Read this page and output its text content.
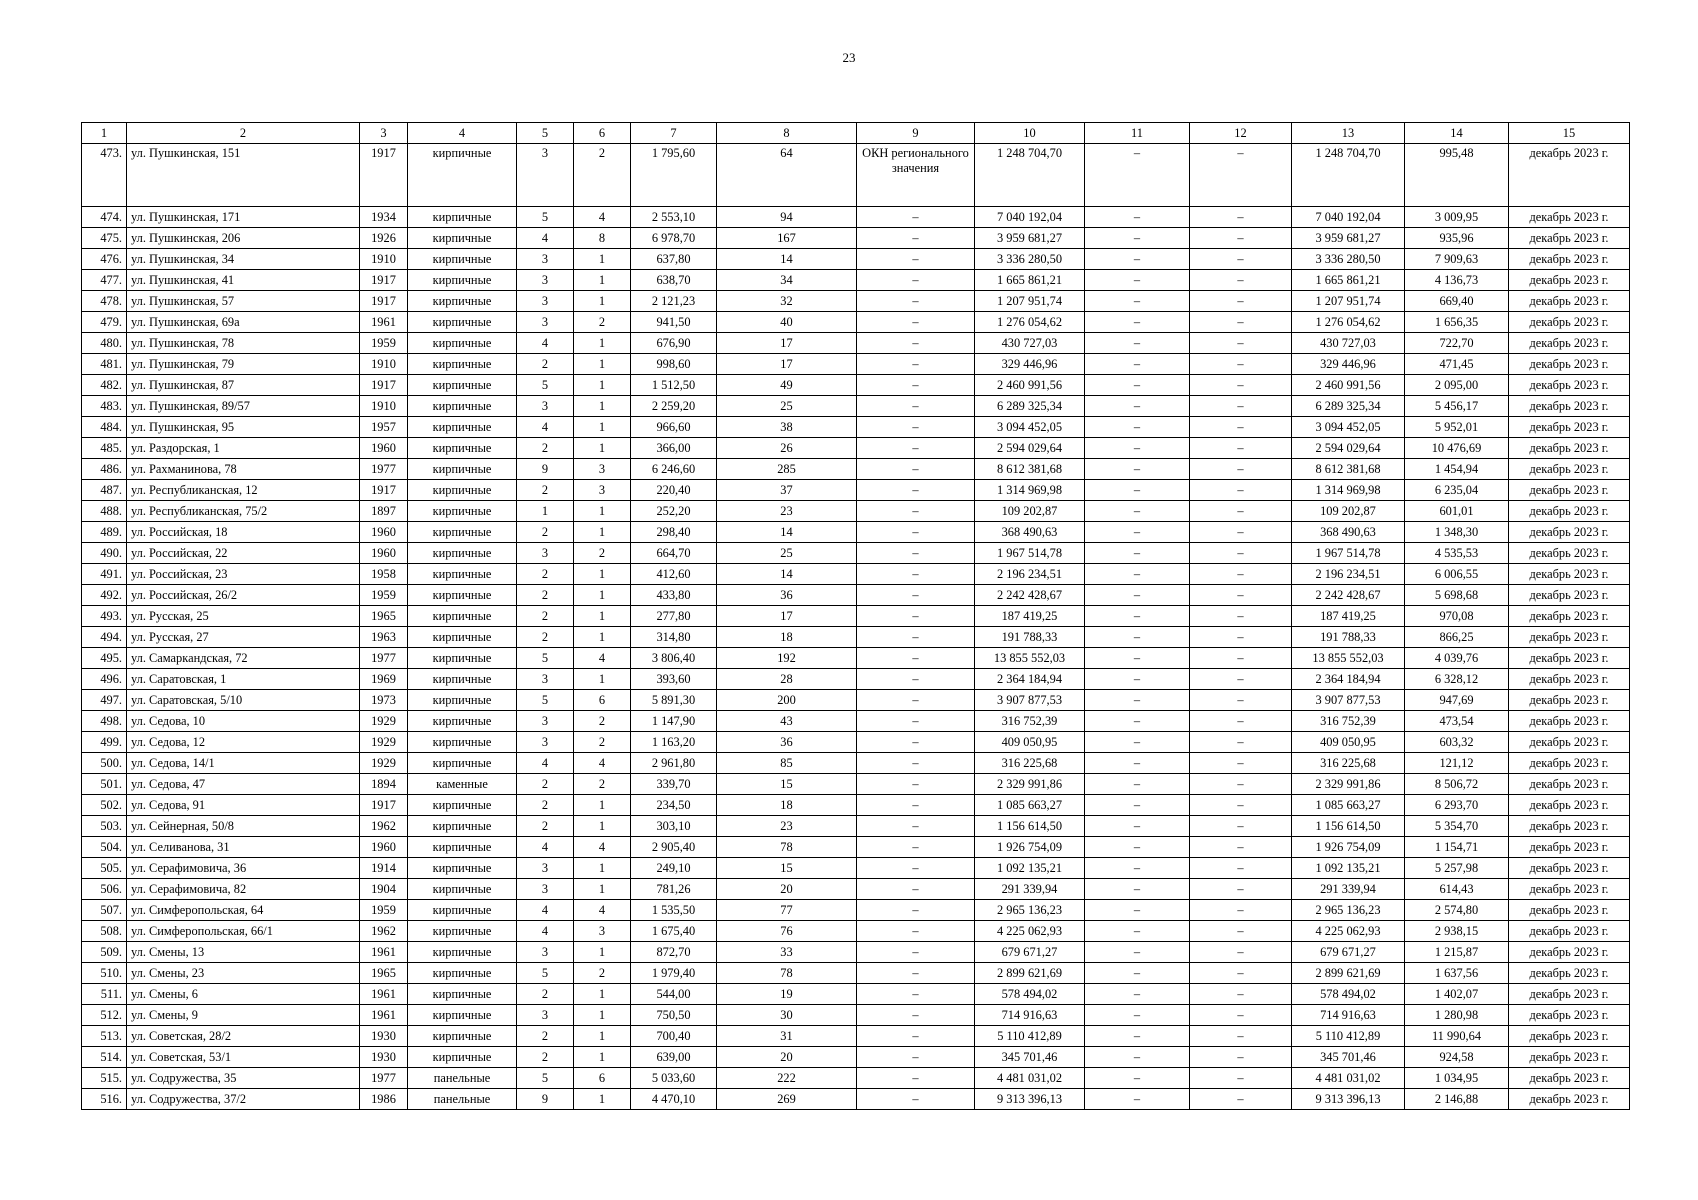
23
1	2	3	4	5	6	7	8	9	10	11	12	13	14	15
473.	ул. Пушкинская, 151	1917	кирпичные	3	2	1 795,60	64	ОКН регионального значения	1 248 704,70	–	–	1 248 704,70	995,48	декабрь 2023 г.
474.	ул. Пушкинская, 171	1934	кирпичные	5	4	2 553,10	94	–	7 040 192,04	–	–	7 040 192,04	3 009,95	декабрь 2023 г.
475.	ул. Пушкинская, 206	1926	кирпичные	4	8	6 978,70	167	–	3 959 681,27	–	–	3 959 681,27	935,96	декабрь 2023 г.
476.	ул. Пушкинская, 34	1910	кирпичные	3	1	637,80	14	–	3 336 280,50	–	–	3 336 280,50	7 909,63	декабрь 2023 г.
477.	ул. Пушкинская, 41	1917	кирпичные	3	1	638,70	34	–	1 665 861,21	–	–	1 665 861,21	4 136,73	декабрь 2023 г.
478.	ул. Пушкинская, 57	1917	кирпичные	3	1	2 121,23	32	–	1 207 951,74	–	–	1 207 951,74	669,40	декабрь 2023 г.
479.	ул. Пушкинская, 69а	1961	кирпичные	3	2	941,50	40	–	1 276 054,62	–	–	1 276 054,62	1 656,35	декабрь 2023 г.
480.	ул. Пушкинская, 78	1959	кирпичные	4	1	676,90	17	–	430 727,03	–	–	430 727,03	722,70	декабрь 2023 г.
481.	ул. Пушкинская, 79	1910	кирпичные	2	1	998,60	17	–	329 446,96	–	–	329 446,96	471,45	декабрь 2023 г.
482.	ул. Пушкинская, 87	1917	кирпичные	5	1	1 512,50	49	–	2 460 991,56	–	–	2 460 991,56	2 095,00	декабрь 2023 г.
483.	ул. Пушкинская, 89/57	1910	кирпичные	3	1	2 259,20	25	–	6 289 325,34	–	–	6 289 325,34	5 456,17	декабрь 2023 г.
484.	ул. Пушкинская, 95	1957	кирпичные	4	1	966,60	38	–	3 094 452,05	–	–	3 094 452,05	5 952,01	декабрь 2023 г.
485.	ул. Раздорская, 1	1960	кирпичные	2	1	366,00	26	–	2 594 029,64	–	–	2 594 029,64	10 476,69	декабрь 2023 г.
486.	ул. Рахманинова, 78	1977	кирпичные	9	3	6 246,60	285	–	8 612 381,68	–	–	8 612 381,68	1 454,94	декабрь 2023 г.
487.	ул. Республиканская, 12	1917	кирпичные	2	3	220,40	37	–	1 314 969,98	–	–	1 314 969,98	6 235,04	декабрь 2023 г.
488.	ул. Республиканская, 75/2	1897	кирпичные	1	1	252,20	23	–	109 202,87	–	–	109 202,87	601,01	декабрь 2023 г.
489.	ул. Российская, 18	1960	кирпичные	2	1	298,40	14	–	368 490,63	–	–	368 490,63	1 348,30	декабрь 2023 г.
490.	ул. Российская, 22	1960	кирпичные	3	2	664,70	25	–	1 967 514,78	–	–	1 967 514,78	4 535,53	декабрь 2023 г.
491.	ул. Российская, 23	1958	кирпичные	2	1	412,60	14	–	2 196 234,51	–	–	2 196 234,51	6 006,55	декабрь 2023 г.
492.	ул. Российская, 26/2	1959	кирпичные	2	1	433,80	36	–	2 242 428,67	–	–	2 242 428,67	5 698,68	декабрь 2023 г.
493.	ул. Русская, 25	1965	кирпичные	2	1	277,80	17	–	187 419,25	–	–	187 419,25	970,08	декабрь 2023 г.
494.	ул. Русская, 27	1963	кирпичные	2	1	314,80	18	–	191 788,33	–	–	191 788,33	866,25	декабрь 2023 г.
495.	ул. Самаркандская, 72	1977	кирпичные	5	4	3 806,40	192	–	13 855 552,03	–	–	13 855 552,03	4 039,76	декабрь 2023 г.
496.	ул. Саратовская, 1	1969	кирпичные	3	1	393,60	28	–	2 364 184,94	–	–	2 364 184,94	6 328,12	декабрь 2023 г.
497.	ул. Саратовская, 5/10	1973	кирпичные	5	6	5 891,30	200	–	3 907 877,53	–	–	3 907 877,53	947,69	декабрь 2023 г.
498.	ул. Седова, 10	1929	кирпичные	3	2	1 147,90	43	–	316 752,39	–	–	316 752,39	473,54	декабрь 2023 г.
499.	ул. Седова, 12	1929	кирпичные	3	2	1 163,20	36	–	409 050,95	–	–	409 050,95	603,32	декабрь 2023 г.
500.	ул. Седова, 14/1	1929	кирпичные	4	4	2 961,80	85	–	316 225,68	–	–	316 225,68	121,12	декабрь 2023 г.
501.	ул. Седова, 47	1894	каменные	2	2	339,70	15	–	2 329 991,86	–	–	2 329 991,86	8 506,72	декабрь 2023 г.
502.	ул. Седова, 91	1917	кирпичные	2	1	234,50	18	–	1 085 663,27	–	–	1 085 663,27	6 293,70	декабрь 2023 г.
503.	ул. Сейнерная, 50/8	1962	кирпичные	2	1	303,10	23	–	1 156 614,50	–	–	1 156 614,50	5 354,70	декабрь 2023 г.
504.	ул. Селиванова, 31	1960	кирпичные	4	4	2 905,40	78	–	1 926 754,09	–	–	1 926 754,09	1 154,71	декабрь 2023 г.
505.	ул. Серафимовича, 36	1914	кирпичные	3	1	249,10	15	–	1 092 135,21	–	–	1 092 135,21	5 257,98	декабрь 2023 г.
506.	ул. Серафимовича, 82	1904	кирпичные	3	1	781,26	20	–	291 339,94	–	–	291 339,94	614,43	декабрь 2023 г.
507.	ул. Симферопольская, 64	1959	кирпичные	4	4	1 535,50	77	–	2 965 136,23	–	–	2 965 136,23	2 574,80	декабрь 2023 г.
508.	ул. Симферопольская, 66/1	1962	кирпичные	4	3	1 675,40	76	–	4 225 062,93	–	–	4 225 062,93	2 938,15	декабрь 2023 г.
509.	ул. Смены, 13	1961	кирпичные	3	1	872,70	33	–	679 671,27	–	–	679 671,27	1 215,87	декабрь 2023 г.
510.	ул. Смены, 23	1965	кирпичные	5	2	1 979,40	78	–	2 899 621,69	–	–	2 899 621,69	1 637,56	декабрь 2023 г.
511.	ул. Смены, 6	1961	кирпичные	2	1	544,00	19	–	578 494,02	–	–	578 494,02	1 402,07	декабрь 2023 г.
512.	ул. Смены, 9	1961	кирпичные	3	1	750,50	30	–	714 916,63	–	–	714 916,63	1 280,98	декабрь 2023 г.
513.	ул. Советская, 28/2	1930	кирпичные	2	1	700,40	31	–	5 110 412,89	–	–	5 110 412,89	11 990,64	декабрь 2023 г.
514.	ул. Советская, 53/1	1930	кирпичные	2	1	639,00	20	–	345 701,46	–	–	345 701,46	924,58	декабрь 2023 г.
515.	ул. Содружества, 35	1977	панельные	5	6	5 033,60	222	–	4 481 031,02	–	–	4 481 031,02	1 034,95	декабрь 2023 г.
516.	ул. Содружества, 37/2	1986	панельные	9	1	4 470,10	269	–	9 313 396,13	–	–	9 313 396,13	2 146,88	декабрь 2023 г.
